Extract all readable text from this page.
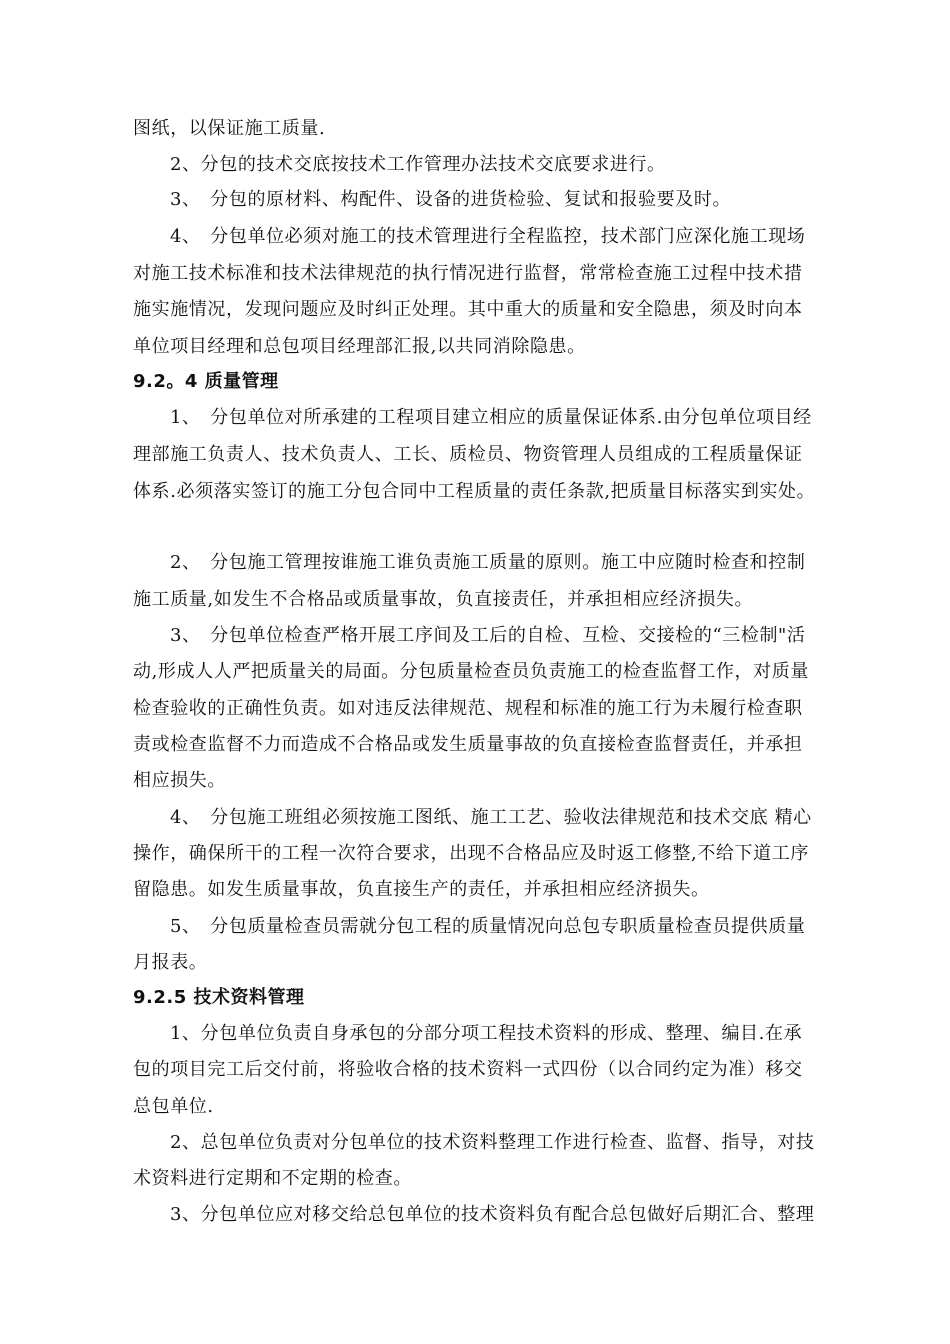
图纸，以保证施工质量.
2、分包的技术交底按技术工作管理办法技术交底要求进行。
3、　分包的原材料、构配件、设备的进货检验、复试和报验要及时。
4、　分包单位必须对施工的技术管理进行全程监控，技术部门应深化施工现场
对施工技术标准和技术法律规范的执行情况进行监督，常常检查施工过程中技术措
施实施情况，发现问题应及时纠正处理。其中重大的质量和安全隐患，须及时向本
单位项目经理和总包项目经理部汇报,以共同消除隐患。
9.2。4 质量管理
1、　分包单位对所承建的工程项目建立相应的质量保证体系.由分包单位项目经
理部施工负责人、技术负责人、工长、质检员、物资管理人员组成的工程质量保证
体系.必须落实签订的施工分包合同中工程质量的责任条款,把质量目标落实到实处。
2、　分包施工管理按谁施工谁负责施工质量的原则。施工中应随时检查和控制
施工质量,如发生不合格品或质量事故，负直接责任，并承担相应经济损失。
3、　分包单位检查严格开展工序间及工后的自检、互检、交接检的“三检制"活
动,形成人人严把质量关的局面。分包质量检查员负责施工的检查监督工作，对质量
检查验收的正确性负责。如对违反法律规范、规程和标准的施工行为未履行检查职
责或检查监督不力而造成不合格品或发生质量事故的负直接检查监督责任，并承担
相应损失。
4、　分包施工班组必须按施工图纸、施工工艺、验收法律规范和技术交底 精心
操作，确保所干的工程一次符合要求，出现不合格品应及时返工修整,不给下道工序
留隐患。如发生质量事故，负直接生产的责任，并承担相应经济损失。
5、　分包质量检查员需就分包工程的质量情况向总包专职质量检查员提供质量
月报表。
9.2.5 技术资料管理
1、分包单位负责自身承包的分部分项工程技术资料的形成、整理、编目.在承
包的项目完工后交付前，将验收合格的技术资料一式四份（以合同约定为准）移交
总包单位.
2、总包单位负责对分包单位的技术资料整理工作进行检查、监督、指导，对技
术资料进行定期和不定期的检查。
3、分包单位应对移交给总包单位的技术资料负有配合总包做好后期汇合、整理
